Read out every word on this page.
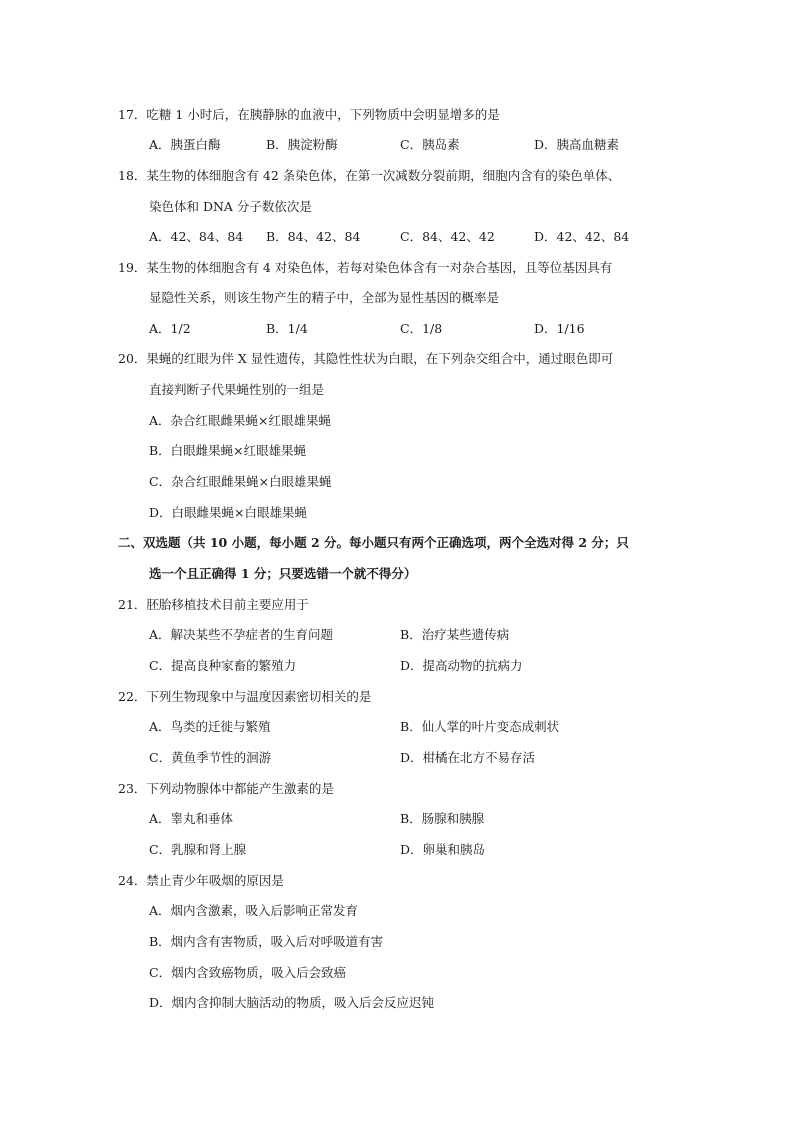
17．吃糖 1 小时后，在胰静脉的血液中，下列物质中会明显增多的是
A．胰蛋白酶	B．胰淀粉酶	C．胰岛素	D．胰高血糖素
18．某生物的体细胞含有 42 条染色体，在第一次减数分裂前期，细胞内含有的染色单体、
染色体和 DNA 分子数依次是
A．42、84、84 B．84、42、84	C．84、42、42	D．42、42、84
19．某生物的体细胞含有 4 对染色体，若每对染色体含有一对杂合基因，且等位基因具有
显隐性关系，则该生物产生的精子中，全部为显性基因的概率是
A．1/2	B．1/4	C．1/8	D．1/16
20．果蝇的红眼为伴 X 显性遗传，其隐性性状为白眼，在下列杂交组合中，通过眼色即可
直接判断子代果蝇性别的一组是
A．杂合红眼雌果蝇×红眼雄果蝇
B．白眼雌果蝇×红眼雄果蝇
C．杂合红眼雌果蝇×白眼雄果蝇
D．白眼雌果蝇×白眼雄果蝇
二、双选题（共 10 小题，每小题 2 分。每小题只有两个正确选项，两个全选对得 2 分；只
选一个且正确得 1 分；只要选错一个就不得分）
21．胚胎移植技术目前主要应用于
A．解决某些不孕症者的生育问题	B．治疗某些遗传病
C．提高良种家畜的繁殖力	D．提高动物的抗病力
22．下列生物现象中与温度因素密切相关的是
A．鸟类的迁徙与繁殖	B．仙人掌的叶片变态成刺状
C．黄鱼季节性的洄游	D．柑橘在北方不易存活
23．下列动物腺体中都能产生激素的是
A．睾丸和垂体	B．肠腺和胰腺
C．乳腺和肾上腺	D．卵巢和胰岛
24．禁止青少年吸烟的原因是
A．烟内含激素，吸入后影响正常发育
B．烟内含有害物质，吸入后对呼吸道有害
C．烟内含致癌物质，吸入后会致癌
D．烟内含抑制大脑活动的物质，吸入后会反应迟钝
